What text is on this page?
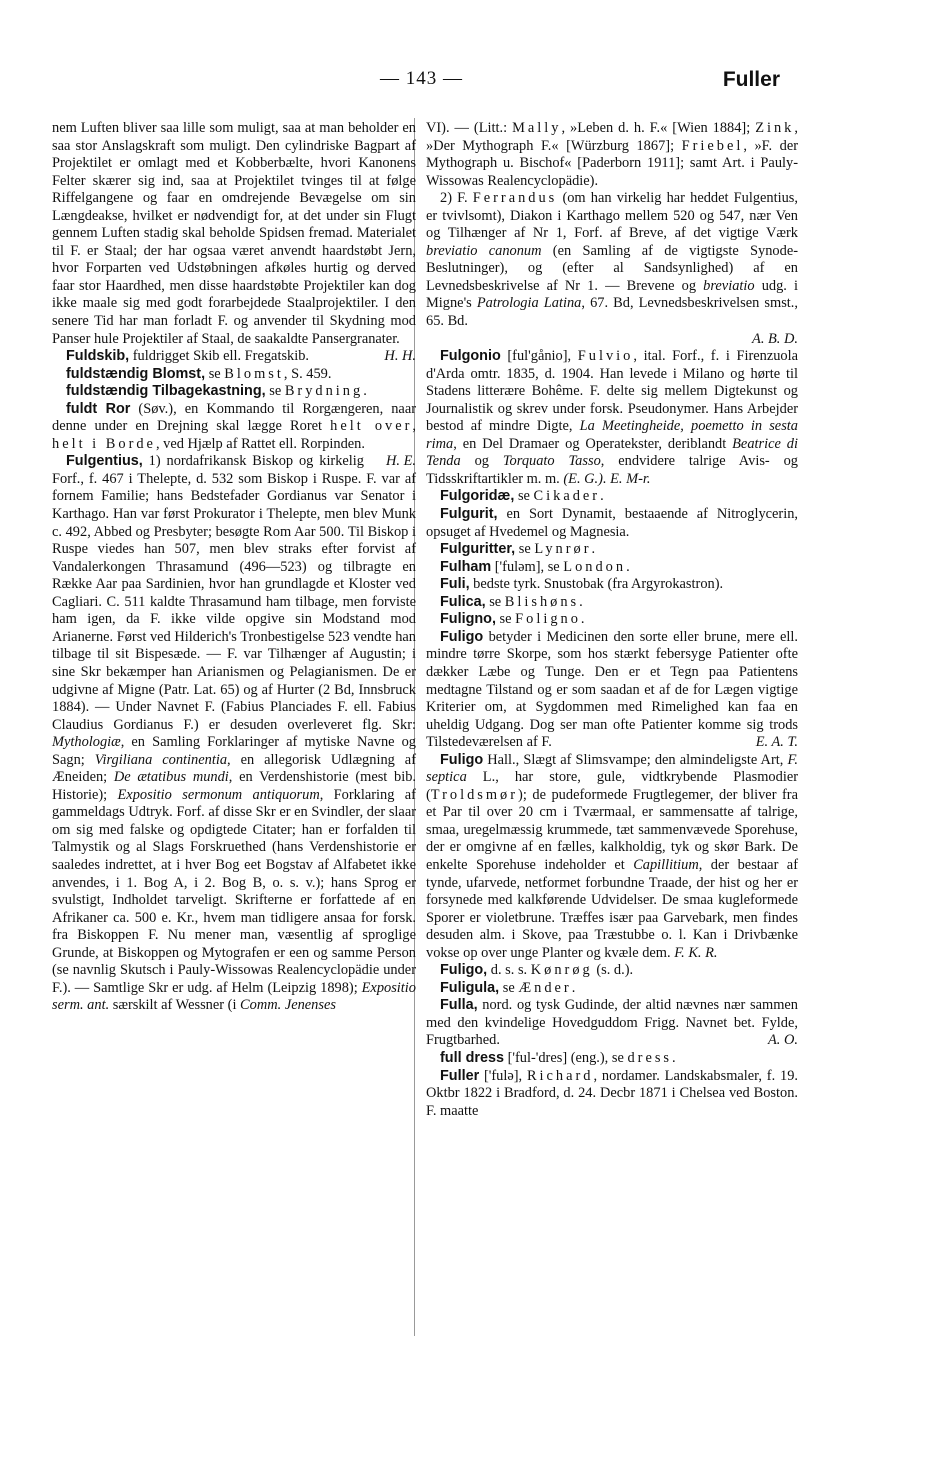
— 143 —	Fuller

nem Luften bliver saa lille som muligt, saa at man beholder en saa stor Anslagskraft som muligt. Den cylindriske Bagpart af Projektilet er omlagt med et Kobberbælte, hvori Kanonens Felter skærer sig ind, saa at Projektilet tvinges til at følge Riffelgangene og faar en omdrejende Bevægelse om sin Længdeakse, hvilket er nødvendigt for, at det under sin Flugt gennem Luften stadig skal beholde Spidsen fremad. Materialet til F. er Staal; der har ogsaa været anvendt haardstøbt Jern, hvor Forparten ved Udstøbningen afkøles hurtig og derved faar stor Haardhed, men disse haardstøbte Projektiler kan dog ikke maale sig med godt forarbejdede Staalprojektiler. I den senere Tid har man forladt F. og anvender til Skydning mod Panser hule Projektiler af Staal, de saakaldte Pansergranater.
H. H.

Fuldskib, fuldrigget Skib ell. Fregatskib.

fuldstændig Blomst, se Blomst, S. 459.

fuldstændig Tilbagekastning, se Brydning.

fuldt Ror (Søv.), en Kommando til Rorgængeren, naar denne under en Drejning skal lægge Roret helt over, helt i Borde, ved Hjælp af Rattet ell. Rorpinden.
H. E.

Fulgentius, 1) nordafrikansk Biskop og kirkelig Forf., f. 467 i Thelepte, d. 532 som Biskop i Ruspe. F. var af fornem Familie; hans Bedstefader Gordianus var Senator i Karthago. Han var først Prokurator i Thelepte, men blev Munk c. 492, Abbed og Presbyter; besøgte Rom Aar 500. Til Biskop i Ruspe viedes han 507, men blev straks efter forvist af Vandalerkongen Thrasamund (496—523) og tilbragte en Række Aar paa Sardinien, hvor han grundlagde et Kloster ved Cagliari. C. 511 kaldte Thrasamund ham tilbage, men forviste ham igen, da F. ikke vilde opgive sin Modstand mod Arianerne. Først ved Hilderich's Tronbestigelse 523 vendte han tilbage til sit Bispesæde. — F. var Tilhænger af Augustin; i sine Skr bekæmper han Arianismen og Pelagianismen. De er udgivne af Migne (Patr. Lat. 65) og af Hurter (2 Bd, Innsbruck 1884). — Under Navnet F. (Fabius Planciades F. ell. Fabius Claudius Gordianus F.) er desuden overleveret flg. Skr: Mythologiæ, en Samling Forklaringer af mytiske Navne og Sagn; Virgiliana continentia, en allegorisk Udlægning af Æneiden; De ætatibus mundi, en Verdenshistorie (mest bib. Historie); Expositio sermonum antiquorum, Forklaring af gammeldags Udtryk. Forf. af disse Skr er en Svindler, der slaar om sig med falske og opdigtede Citater; han er forfalden til Talmystik og al Slags Forskruethed (hans Verdenshistorie er saaledes indrettet, at i hver Bog eet Bogstav af Alfabetet ikke anvendes, i 1. Bog A, i 2. Bog B, o. s. v.); hans Sprog er svulstigt, Indholdet tarveligt. Skrifterne er forfattede af en Afrikaner ca. 500 e. Kr., hvem man tidligere ansaa for forsk. fra Biskoppen F. Nu mener man, væsentlig af sproglige Grunde, at Biskoppen og Mytografen er een og samme Person (se navnlig Skutsch i Pauly-Wissowas Realencyclopädie under F.). — Samtlige Skr er udg. af Helm (Leipzig 1898); Expositio serm. ant. særskilt af Wessner (i Comm. Jenenses

VI). — (Litt.: Mally, »Leben d. h. F.« [Wien 1884]; Zink, »Der Mythograph F.« [Würzburg 1867]; Friebel, »F. der Mythograph u. Bischof« [Paderborn 1911]; samt Art. i Pauly-Wissowas Realencyclopädie).

2) F. Ferrandus (om han virkelig har heddet Fulgentius, er tvivlsomt), Diakon i Karthago mellem 520 og 547, nær Ven og Tilhænger af Nr 1, Forf. af Breve, af det vigtige Værk breviatio canonum (en Samling af de vigtigste Synode-Beslutninger), og (efter al Sandsynlighed) af en Levnedsbeskrivelse af Nr 1. — Brevene og breviatio udg. i Migne's Patrologia Latina, 67. Bd, Levnedsbeskrivelsen smst., 65. Bd.

A. B. D.

Fulgonio [ful'gånio], Fulvio, ital. Forf., f. i Firenzuola d'Arda omtr. 1835, d. 1904. Han levede i Milano og hørte til Stadens litterære Bohême. F. delte sig mellem Digtekunst og Journalistik og skrev under forsk. Pseudonymer. Hans Arbejder bestod af mindre Digte, La Meetingheide, poemetto in sesta rima, en Del Dramaer og Operatekster, deriblandt Beatrice di Tenda og Torquato Tasso, endvidere talrige Avis- og Tidsskriftartikler m. m. (E. G.). E. M-r.

Fulgoridæ, se Cikader.

Fulgurit, en Sort Dynamit, bestaaende af Nitroglycerin, opsuget af Hvedemel og Magnesia.

Fulguritter, se Lynrør.

Fulham ['fuləm], se London.

Fuli, bedste tyrk. Snustobak (fra Argyrokastron).

Fulica, se Blishøns.

Fuligno, se Foligno.

Fuligo betyder i Medicinen den sorte eller brune, mere ell. mindre tørre Skorpe, som hos stærkt febersyge Patienter ofte dækker Læbe og Tunge. Den er et Tegn paa Patientens medtagne Tilstand og er som saadan et af de for Lægen vigtige Kriterier om, at Sygdommen med Rimelighed kan faa en uheldig Udgang. Dog ser man ofte Patienter komme sig trods Tilstedeværelsen af F.	E. A. T.

Fuligo Hall., Slægt af Slimsvampe; den almindeligste Art, F. septica L., har store, gule, vidtkrybende Plasmodier (Troldsmør); de pudeformede Frugtlegemer, der bliver fra et Par til over 20 cm i Tværmaal, er sammensatte af talrige, smaa, uregelmæssig krummede, tæt sammenvævede Sporehuse, der er omgivne af en fælles, kalkholdig, tyk og skør Bark. De enkelte Sporehuse indeholder et Capillitium, der bestaar af tynde, ufarvede, netformet forbundne Traade, der hist og her er forsynede med kalkførende Udvidelser. De smaa kugleformede Sporer er violetbrune. Træffes især paa Garvebark, men findes desuden alm. i Skove, paa Træstubbe o. l. Kan i Drivbænke vokse op over unge Planter og kvæle dem. F. K. R.

Fuligo, d. s. s. Kønrøg (s. d.).

Fuligula, se Ænder.

Fulla, nord. og tysk Gudinde, der altid nævnes nær sammen med den kvindelige Hovedguddom Frigg. Navnet bet. Fylde, Frugtbarhed.	A. O.

full dress ['ful-'dres] (eng.), se dress.

Fuller ['fulə], Richard, nordamer. Landskabsmaler, f. 19. Oktbr 1822 i Bradford, d. 24. Decbr 1871 i Chelsea ved Boston. F. maatte
